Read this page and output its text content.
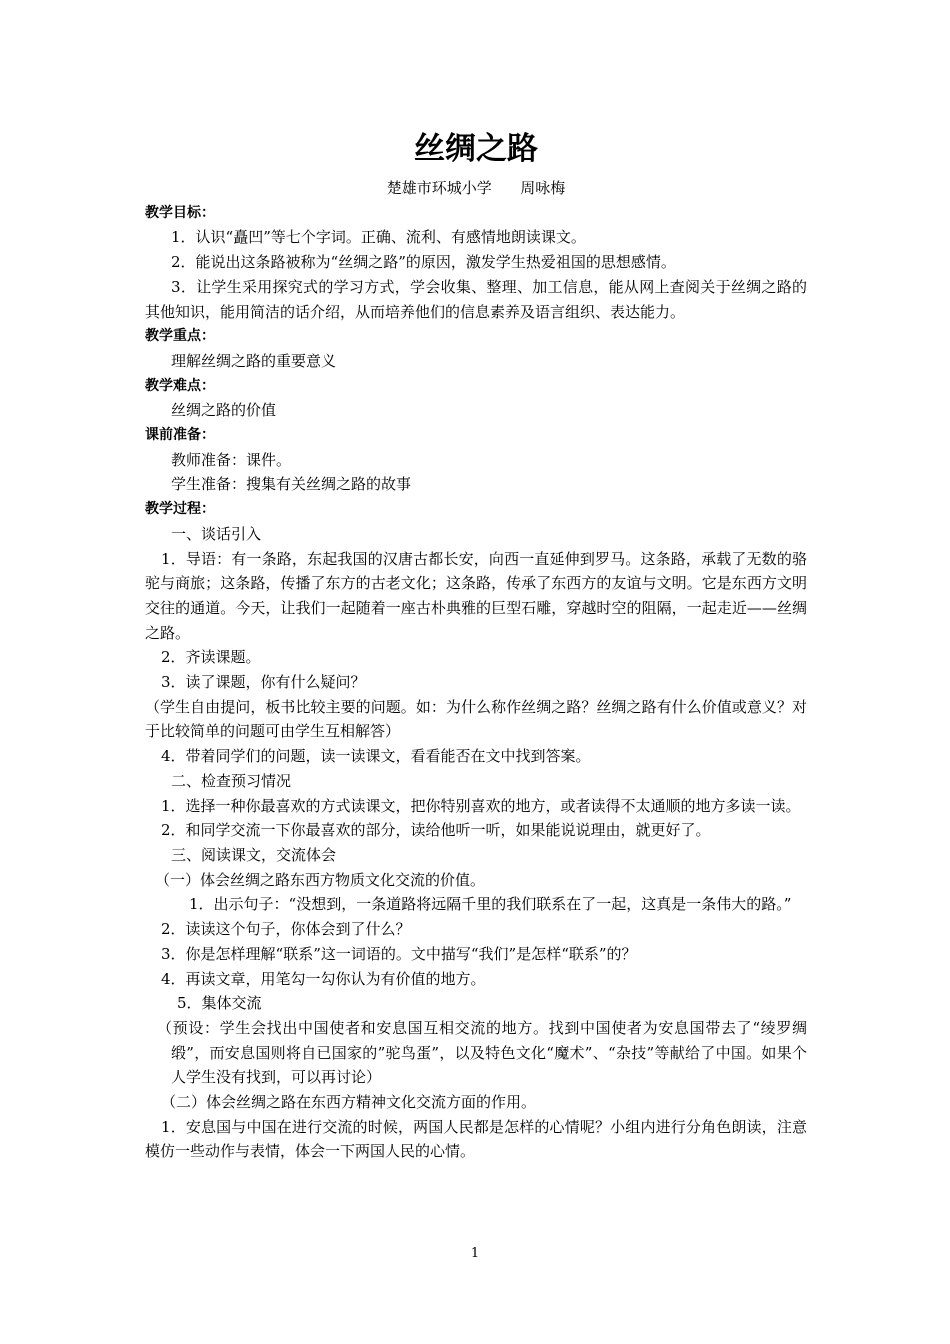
丝绸之路

楚雄市环城小学      周咏梅

教学目标：

1．认识“矗凹”等七个字词。正确、流利、有感情地朗读课文。

2．能说出这条路被称为“丝绸之路”的原因，激发学生热爱祖国的思想感情。

3．让学生采用探究式的学习方式，学会收集、整理、加工信息，能从网上查阅关于丝绸之路的其他知识，能用简洁的话介绍，从而培养他们的信息素养及语言组织、表达能力。

教学重点：

理解丝绸之路的重要意义

教学难点：

丝绸之路的价值

课前准备：

教师准备：课件。

学生准备：搜集有关丝绸之路的故事

教学过程：

一、谈话引入

1．导语：有一条路，东起我国的汉唐古都长安，向西一直延伸到罗马。这条路，承载了无数的骆驼与商旅；这条路，传播了东方的古老文化；这条路，传承了东西方的友谊与文明。它是东西方文明交往的通道。今天，让我们一起随着一座古朴典雅的巨型石雕，穿越时空的阻隔，一起走近——丝绸之路。

2．齐读课题。

3．读了课题，你有什么疑问？

（学生自由提问，板书比较主要的问题。如：为什么称作丝绸之路？丝绸之路有什么价值或意义？对于比较简单的问题可由学生互相解答）

4．带着同学们的问题，读一读课文，看看能否在文中找到答案。

二、检查预习情况

1．选择一种你最喜欢的方式读课文，把你特别喜欢的地方，或者读得不太通顺的地方多读一读。

2．和同学交流一下你最喜欢的部分，读给他听一听，如果能说说理由，就更好了。

三、阅读课文，交流体会

（一）体会丝绸之路东西方物质文化交流的价值。

1．出示句子：“没想到，一条道路将远隔千里的我们联系在了一起，这真是一条伟大的路。”

2．读读这个句子，你体会到了什么？

3．你是怎样理解“联系”这一词语的。文中描写“我们”是怎样“联系”的？

4．再读文章，用笔勾一勾你认为有价值的地方。

5．集体交流

（预设：学生会找出中国使者和安息国互相交流的地方。找到中国使者为安息国带去了“绫罗绸缎”，而安息国则将自已国家的”驼鸟蛋”，以及特色文化“魔术”、“杂技”等献给了中国。如果个人学生没有找到，可以再讨论）

（二）体会丝绸之路在东西方精神文化交流方面的作用。

1．安息国与中国在进行交流的时候，两国人民都是怎样的心情呢？小组内进行分角色朗读，注意模仿一些动作与表情，体会一下两国人民的心情。

1
